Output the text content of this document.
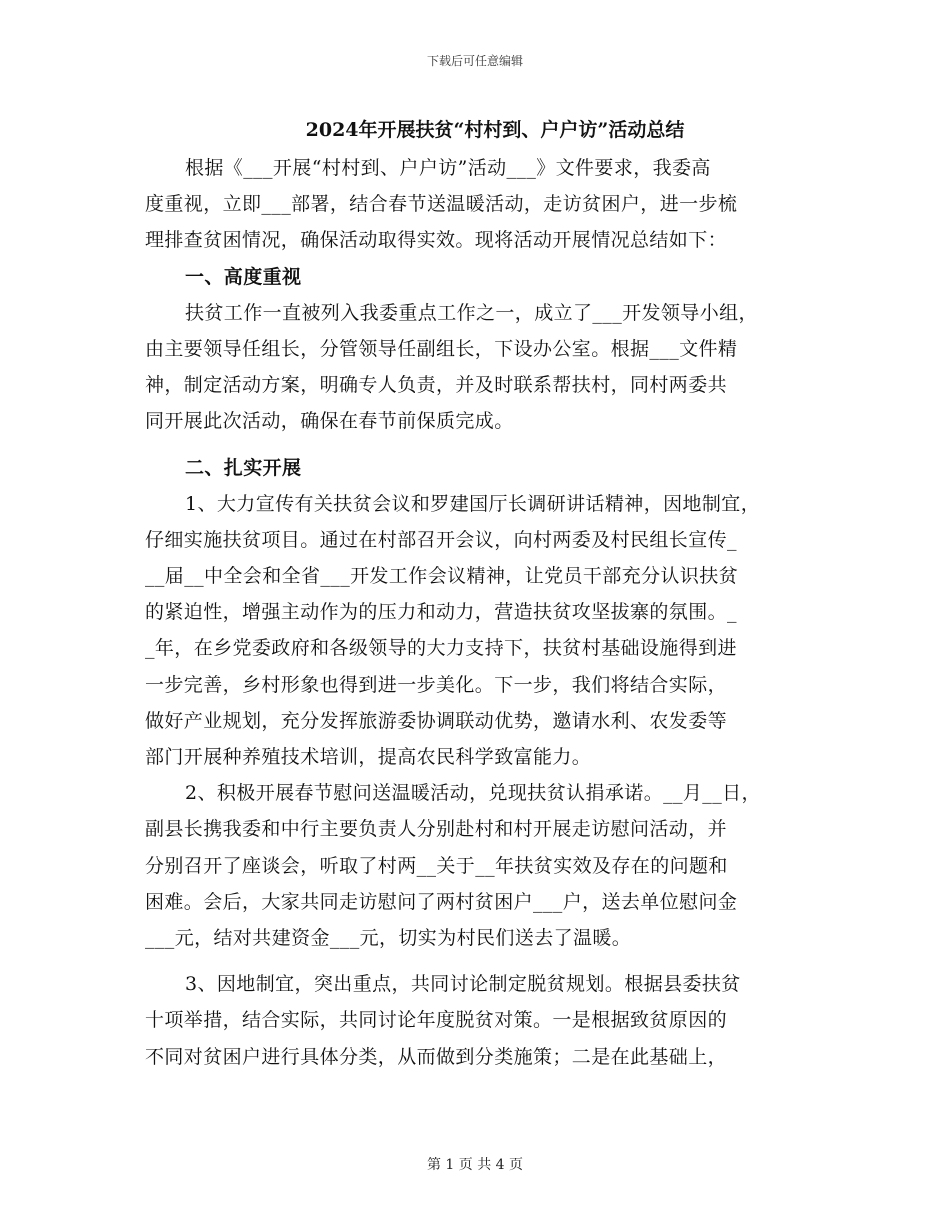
下载后可任意编辑
2024年开展扶贫“村村到、户户访”活动总结
根据《___开展“村村到、户户访”活动___》文件要求，我委高
度重视，立即___部署，结合春节送温暖活动，走访贫困户，进一步梳
理排查贫困情况，确保活动取得实效。现将活动开展情况总结如下：
一、高度重视
扶贫工作一直被列入我委重点工作之一，成立了___开发领导小组，
由主要领导任组长，分管领导任副组长，下设办公室。根据___文件精
神，制定活动方案，明确专人负责，并及时联系帮扶村，同村两委共
同开展此次活动，确保在春节前保质完成。
二、扎实开展
1、大力宣传有关扶贫会议和罗建国厅长调研讲话精神，因地制宜，
仔细实施扶贫项目。通过在村部召开会议，向村两委及村民组长宣传_
__届__中全会和全省___开发工作会议精神，让党员干部充分认识扶贫
的紧迫性，增强主动作为的压力和动力，营造扶贫攻坚拔寨的氛围。_
_年，在乡党委政府和各级领导的大力支持下，扶贫村基础设施得到进
一步完善，乡村形象也得到进一步美化。下一步，我们将结合实际，
做好产业规划，充分发挥旅游委协调联动优势，邀请水利、农发委等
部门开展种养殖技术培训，提高农民科学致富能力。
2、积极开展春节慰问送温暖活动，兑现扶贫认捐承诺。__月__日，
副县长携我委和中行主要负责人分别赴村和村开展走访慰问活动，并
分别召开了座谈会，听取了村两__关于__年扶贫实效及存在的问题和
困难。会后，大家共同走访慰问了两村贫困户___户，送去单位慰问金
___元，结对共建资金___元，切实为村民们送去了温暖。
3、因地制宜，突出重点，共同讨论制定脱贫规划。根据县委扶贫
十项举措，结合实际，共同讨论年度脱贫对策。一是根据致贫原因的
不同对贫困户进行具体分类，从而做到分类施策；二是在此基础上，
第 1 页 共 4 页
